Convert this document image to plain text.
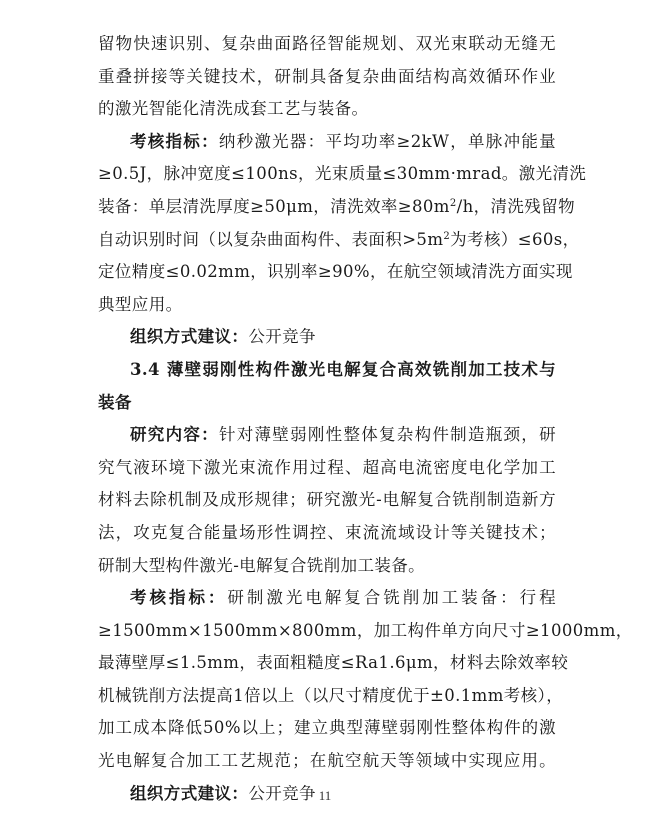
留物快速识别、复杂曲面路径智能规划、双光束联动无缝无
重叠拼接等关键技术，研制具备复杂曲面结构高效循环作业
的激光智能化清洗成套工艺与装备。
考核指标：纳秒激光器：平均功率≥2kW，单脉冲能量
≥0.5J，脉冲宽度≤100ns，光束质量≤30mm·mrad。激光清洗
装备：单层清洗厚度≥50μm，清洗效率$\ge 80m^2/h$，清洗残留物
自动识别时间（以复杂曲面构件、表面积$>5m^2$为考核）≤60s，
定位精度≤0.02mm，识别率≥90%，在航空领域清洗方面实现
典型应用。
组织方式建议：公开竞争
3.4 薄壁弱刚性构件激光电解复合高效铣削加工技术与
装备
研究内容：针对薄壁弱刚性整体复杂构件制造瓶颈，研
究气液环境下激光束流作用过程、超高电流密度电化学加工
材料去除机制及成形规律；研究激光-电解复合铣削制造新方
法，攻克复合能量场形性调控、束流流域设计等关键技术；
研制大型构件激光-电解复合铣削加工装备。
考核指标：研制激光电解复合铣削加工装备：行程
≥1500mm×1500mm×800mm，加工构件单方向尺寸≥1000mm，
最薄壁厚≤1.5mm，表面粗糙度≤Ra1.6μm，材料去除效率较
机械铣削方法提高1倍以上（以尺寸精度优于±0.1mm考核），
加工成本降低50%以上；建立典型薄壁弱刚性整体构件的激
光电解复合加工工艺规范；在航空航天等领域中实现应用。
组织方式建议：公开竞争 11
